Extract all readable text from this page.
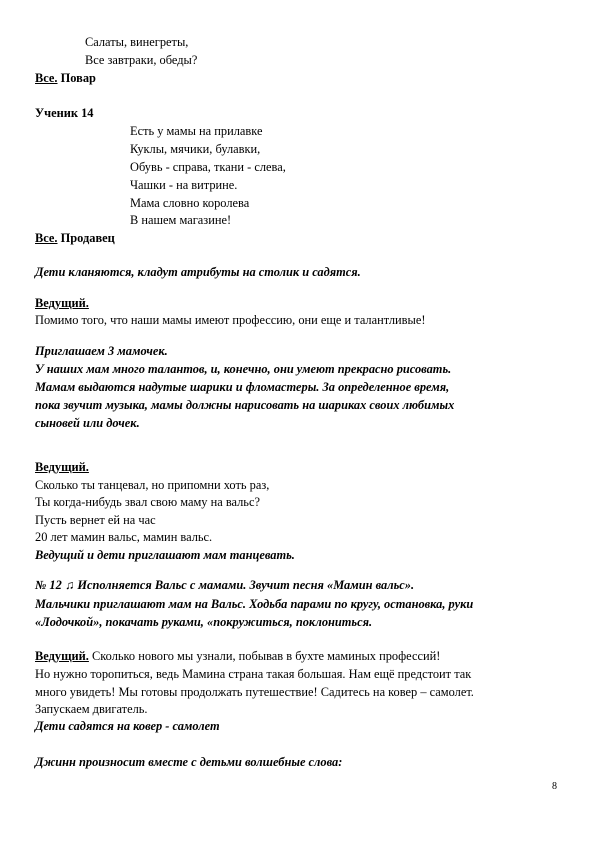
Салаты, винегреты,
Все завтраки, обеды?
Все. Повар
Ученик 14
Есть у мамы на прилавке
Куклы, мячики, булавки,
Обувь - справа, ткани - слева,
Чашки - на витрине.
Мама словно королева
В нашем магазине!
Все. Продавец
Дети кланяются, кладут атрибуты на столик и садятся.
Ведущий.
Помимо того, что наши мамы имеют профессию, они еще и талантливые!
Приглашаем 3 мамочек.
У наших мам много талантов, и, конечно, они умеют прекрасно рисовать.
Мамам выдаются надутые шарики и фломастеры. За определенное время,
пока звучит музыка, мамы должны нарисовать на шариках своих любимых
сыновей или дочек.
Ведущий.
Сколько ты танцевал, но припомни хоть раз,
Ты когда-нибудь звал свою маму на вальс?
Пусть вернет ей на час
20 лет мамин вальс, мамин вальс.
Ведущий и дети приглашают мам танцевать.
№ 12 ♫ Исполняется Вальс с мамами. Звучит песня «Мамин вальс».
Мальчики приглашают мам на Вальс. Ходьба парами по кругу, остановка, руки
«Лодочкой», покачать руками, «покружиться, поклониться.
Ведущий. Сколько нового мы узнали, побывав в бухте маминых профессий!
Но нужно торопиться, ведь Мамина страна такая большая. Нам ещё предстоит так
много увидеть! Мы готовы продолжать путешествие! Садитесь на ковер – самолет.
Запускаем двигатель.
Дети садятся на ковер - самолет
Джинн произносит вместе с детьми волшебные слова:
8
